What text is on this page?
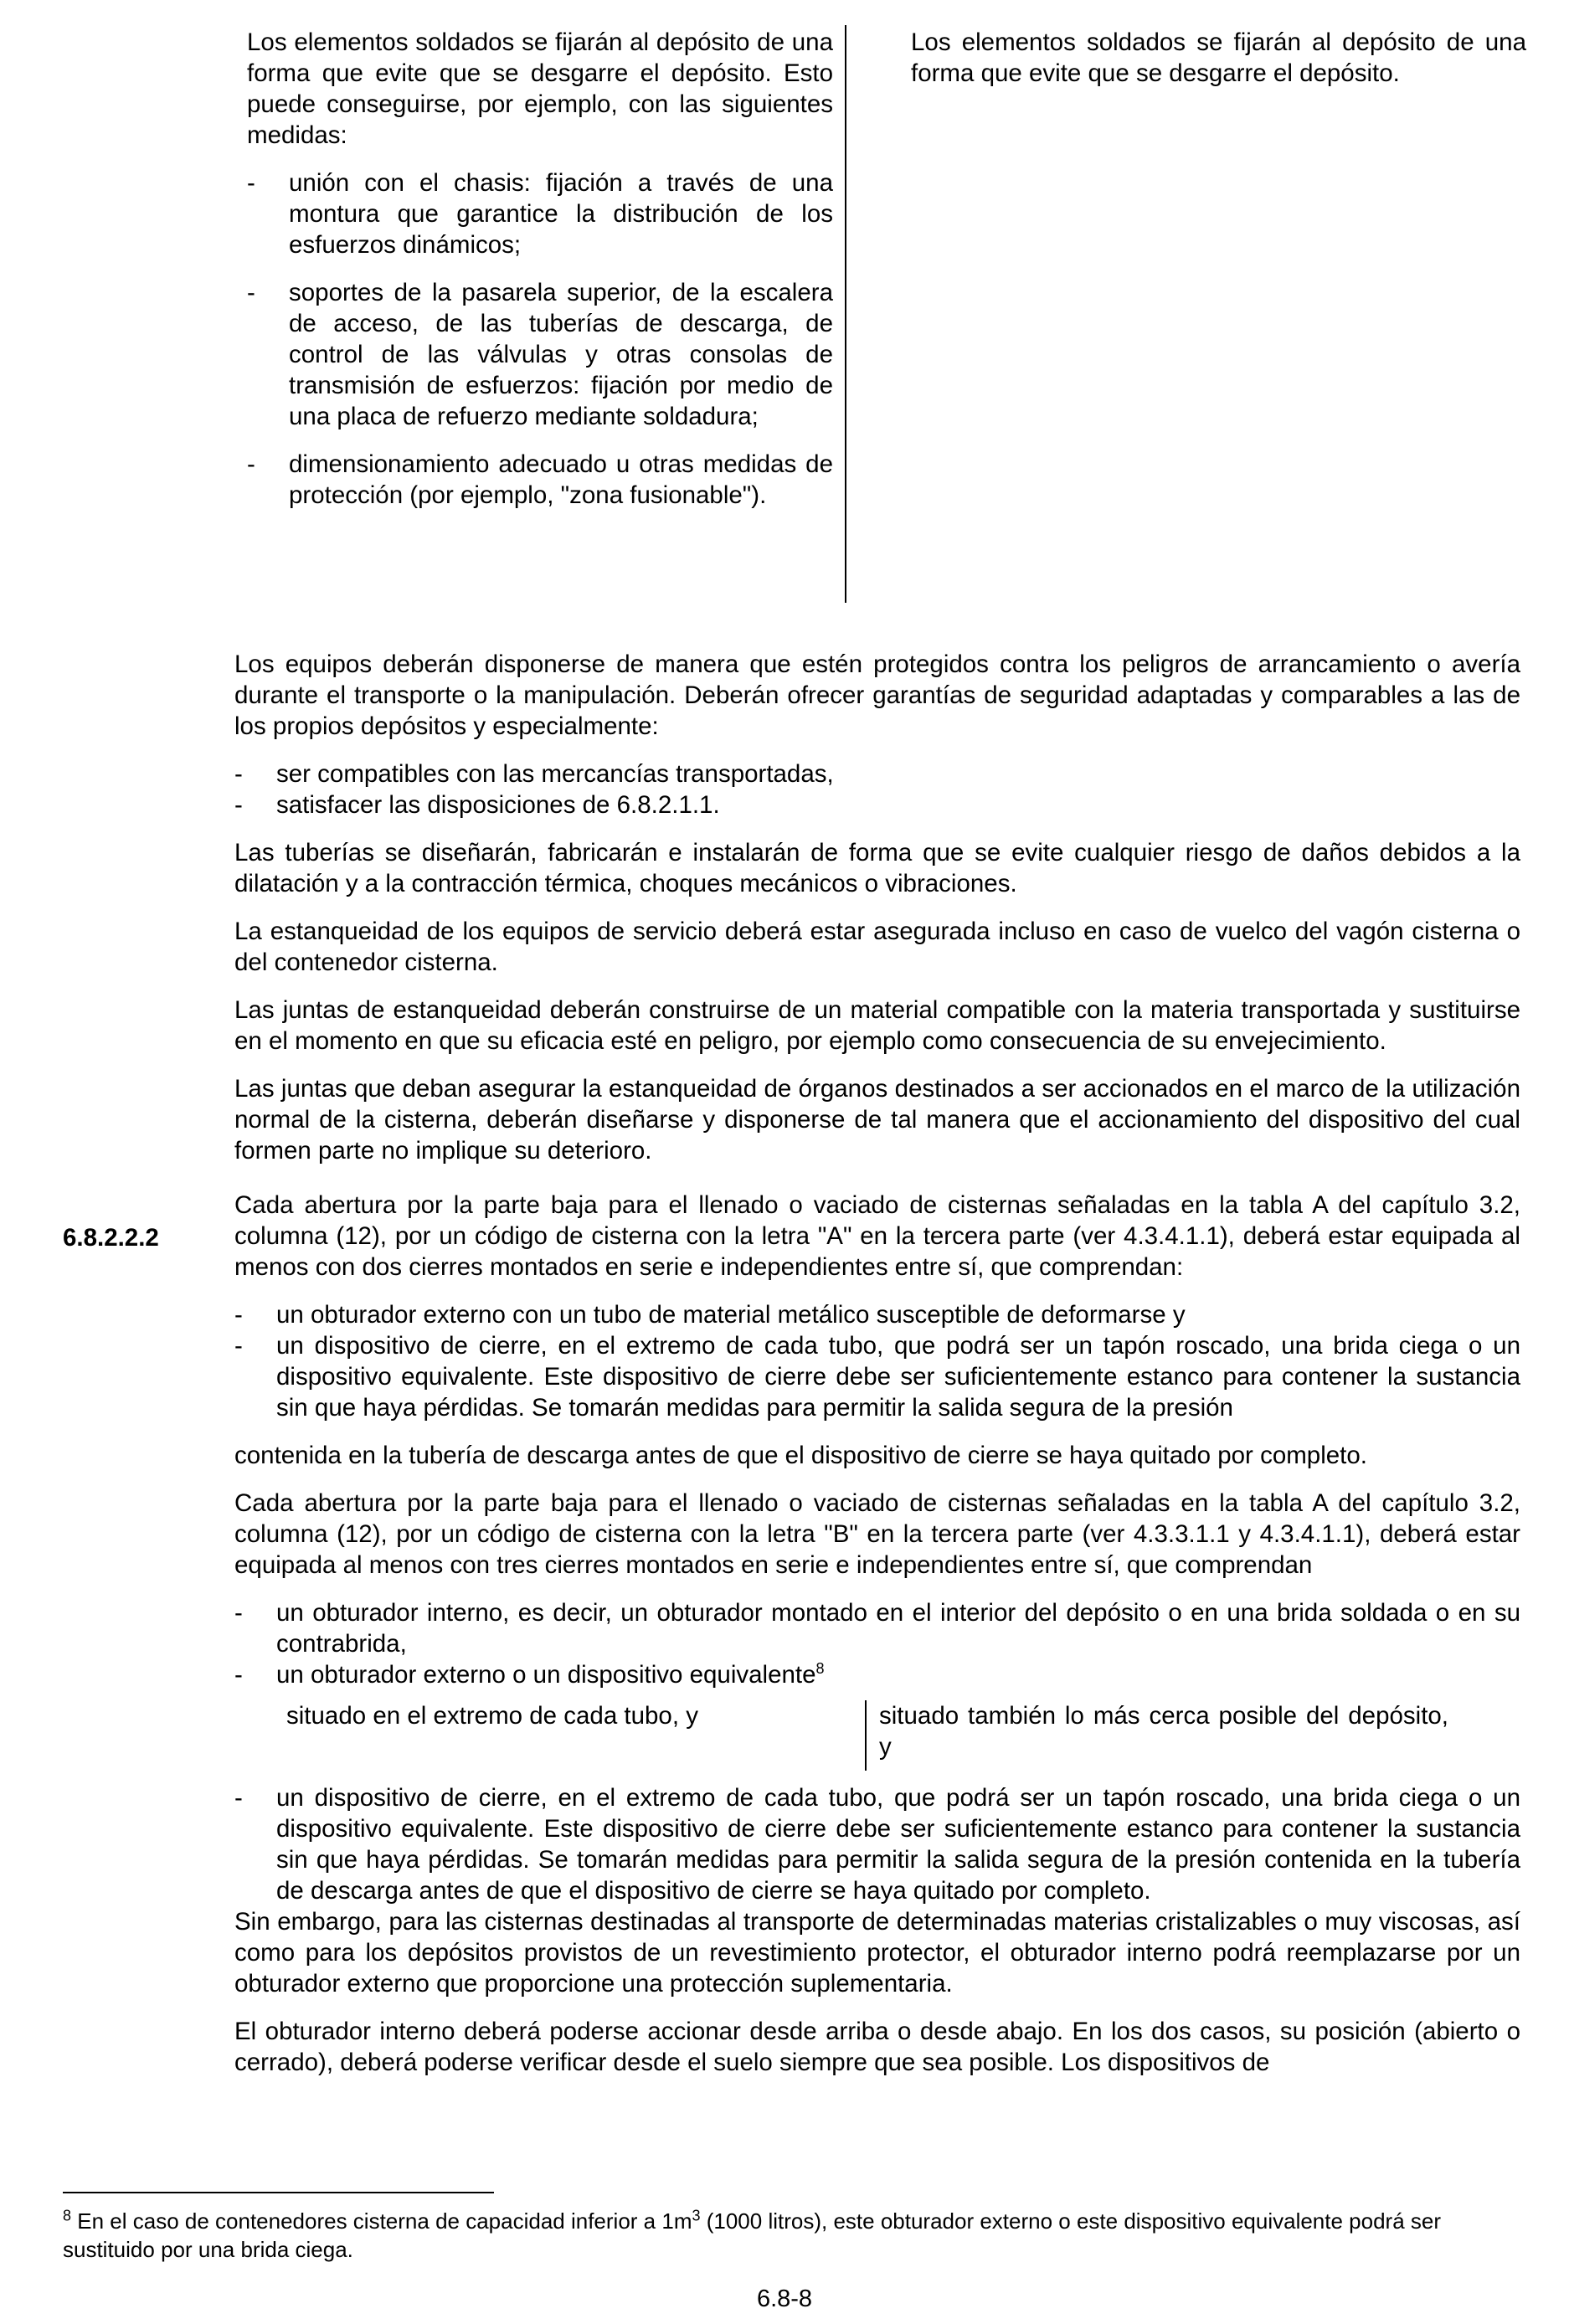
Los elementos soldados se fijarán al depósito de una forma que evite que se desgarre el depósito. Esto puede conseguirse, por ejemplo, con las siguientes medidas:

- unión con el chasis: fijación a través de una montura que garantice la distribución de los esfuerzos dinámicos;

- soportes de la pasarela superior, de la escalera de acceso, de las tuberías de descarga, de control de las válvulas y otras consolas de transmisión de esfuerzos: fijación por medio de una placa de refuerzo mediante soldadura;

- dimensionamiento adecuado u otras medidas de protección (por ejemplo, "zona fusionable").

Los elementos soldados se fijarán al depósito de una forma que evite que se desgarre el depósito.

6.8.2.2.2

Los equipos deberán disponerse de manera que estén protegidos contra los peligros de arrancamiento o avería durante el transporte o la manipulación. Deberán ofrecer garantías de seguridad adaptadas y comparables a las de los propios depósitos y especialmente:

- ser compatibles con las mercancías transportadas,

- satisfacer las disposiciones de 6.8.2.1.1.

Las tuberías se diseñarán, fabricarán e instalarán de forma que se evite cualquier riesgo de daños debidos a la dilatación y a la contracción térmica, choques mecánicos o vibraciones.

La estanqueidad de los equipos de servicio deberá estar asegurada incluso en caso de vuelco del vagón cisterna o del contenedor cisterna.

Las juntas de estanqueidad deberán construirse de un material compatible con la materia transportada y sustituirse en el momento en que su eficacia esté en peligro, por ejemplo como consecuencia de su envejecimiento.

Las juntas que deban asegurar la estanqueidad de órganos destinados a ser accionados en el marco de la utilización normal de la cisterna, deberán diseñarse y disponerse de tal manera que el accionamiento del dispositivo del cual formen parte no implique su deterioro.

Cada abertura por la parte baja para el llenado o vaciado de cisternas señaladas en la tabla A del capítulo 3.2, columna (12), por un código de cisterna con la letra "A" en la tercera parte (ver 4.3.4.1.1), deberá estar equipada al menos con dos cierres montados en serie e independientes entre sí, que comprendan:

- un obturador externo con un tubo de material metálico susceptible de deformarse y

- un dispositivo de cierre, en el extremo de cada tubo, que podrá ser un tapón roscado, una brida ciega o un dispositivo equivalente. Este dispositivo de cierre debe ser suficientemente estanco para contener la sustancia sin que haya pérdidas. Se tomarán medidas para permitir la salida segura de la presión

contenida en la tubería de descarga antes de que el dispositivo de cierre se haya quitado por completo.

Cada abertura por la parte baja para el llenado o vaciado de cisternas señaladas en la tabla A del capítulo 3.2, columna (12), por un código de cisterna con la letra "B" en la tercera parte (ver 4.3.3.1.1 y 4.3.4.1.1), deberá estar equipada al menos con tres cierres montados en serie e independientes entre sí, que comprendan

- un obturador interno, es decir, un obturador montado en el interior del depósito o en una brida soldada o en su contrabrida,

- un obturador externo o un dispositivo equivalente$^8$

situado en el extremo de cada tubo, y	situado también lo más cerca posible del depósito, y

- un dispositivo de cierre, en el extremo de cada tubo, que podrá ser un tapón roscado, una brida ciega o un dispositivo equivalente. Este dispositivo de cierre debe ser suficientemente estanco para contener la sustancia sin que haya pérdidas. Se tomarán medidas para permitir la salida segura de la presión contenida en la tubería de descarga antes de que el dispositivo de cierre se haya quitado por completo.

Sin embargo, para las cisternas destinadas al transporte de determinadas materias cristalizables o muy viscosas, así como para los depósitos provistos de un revestimiento protector, el obturador interno podrá reemplazarse por un obturador externo que proporcione una protección suplementaria.

El obturador interno deberá poderse accionar desde arriba o desde abajo. En los dos casos, su posición (abierto o cerrado), deberá poderse verificar desde el suelo siempre que sea posible. Los dispositivos de

$^8$ En el caso de contenedores cisterna de capacidad inferior a $1m^3$ (1000 litros), este obturador externo o este dispositivo equivalente podrá ser sustituido por una brida ciega.
6.8-8
